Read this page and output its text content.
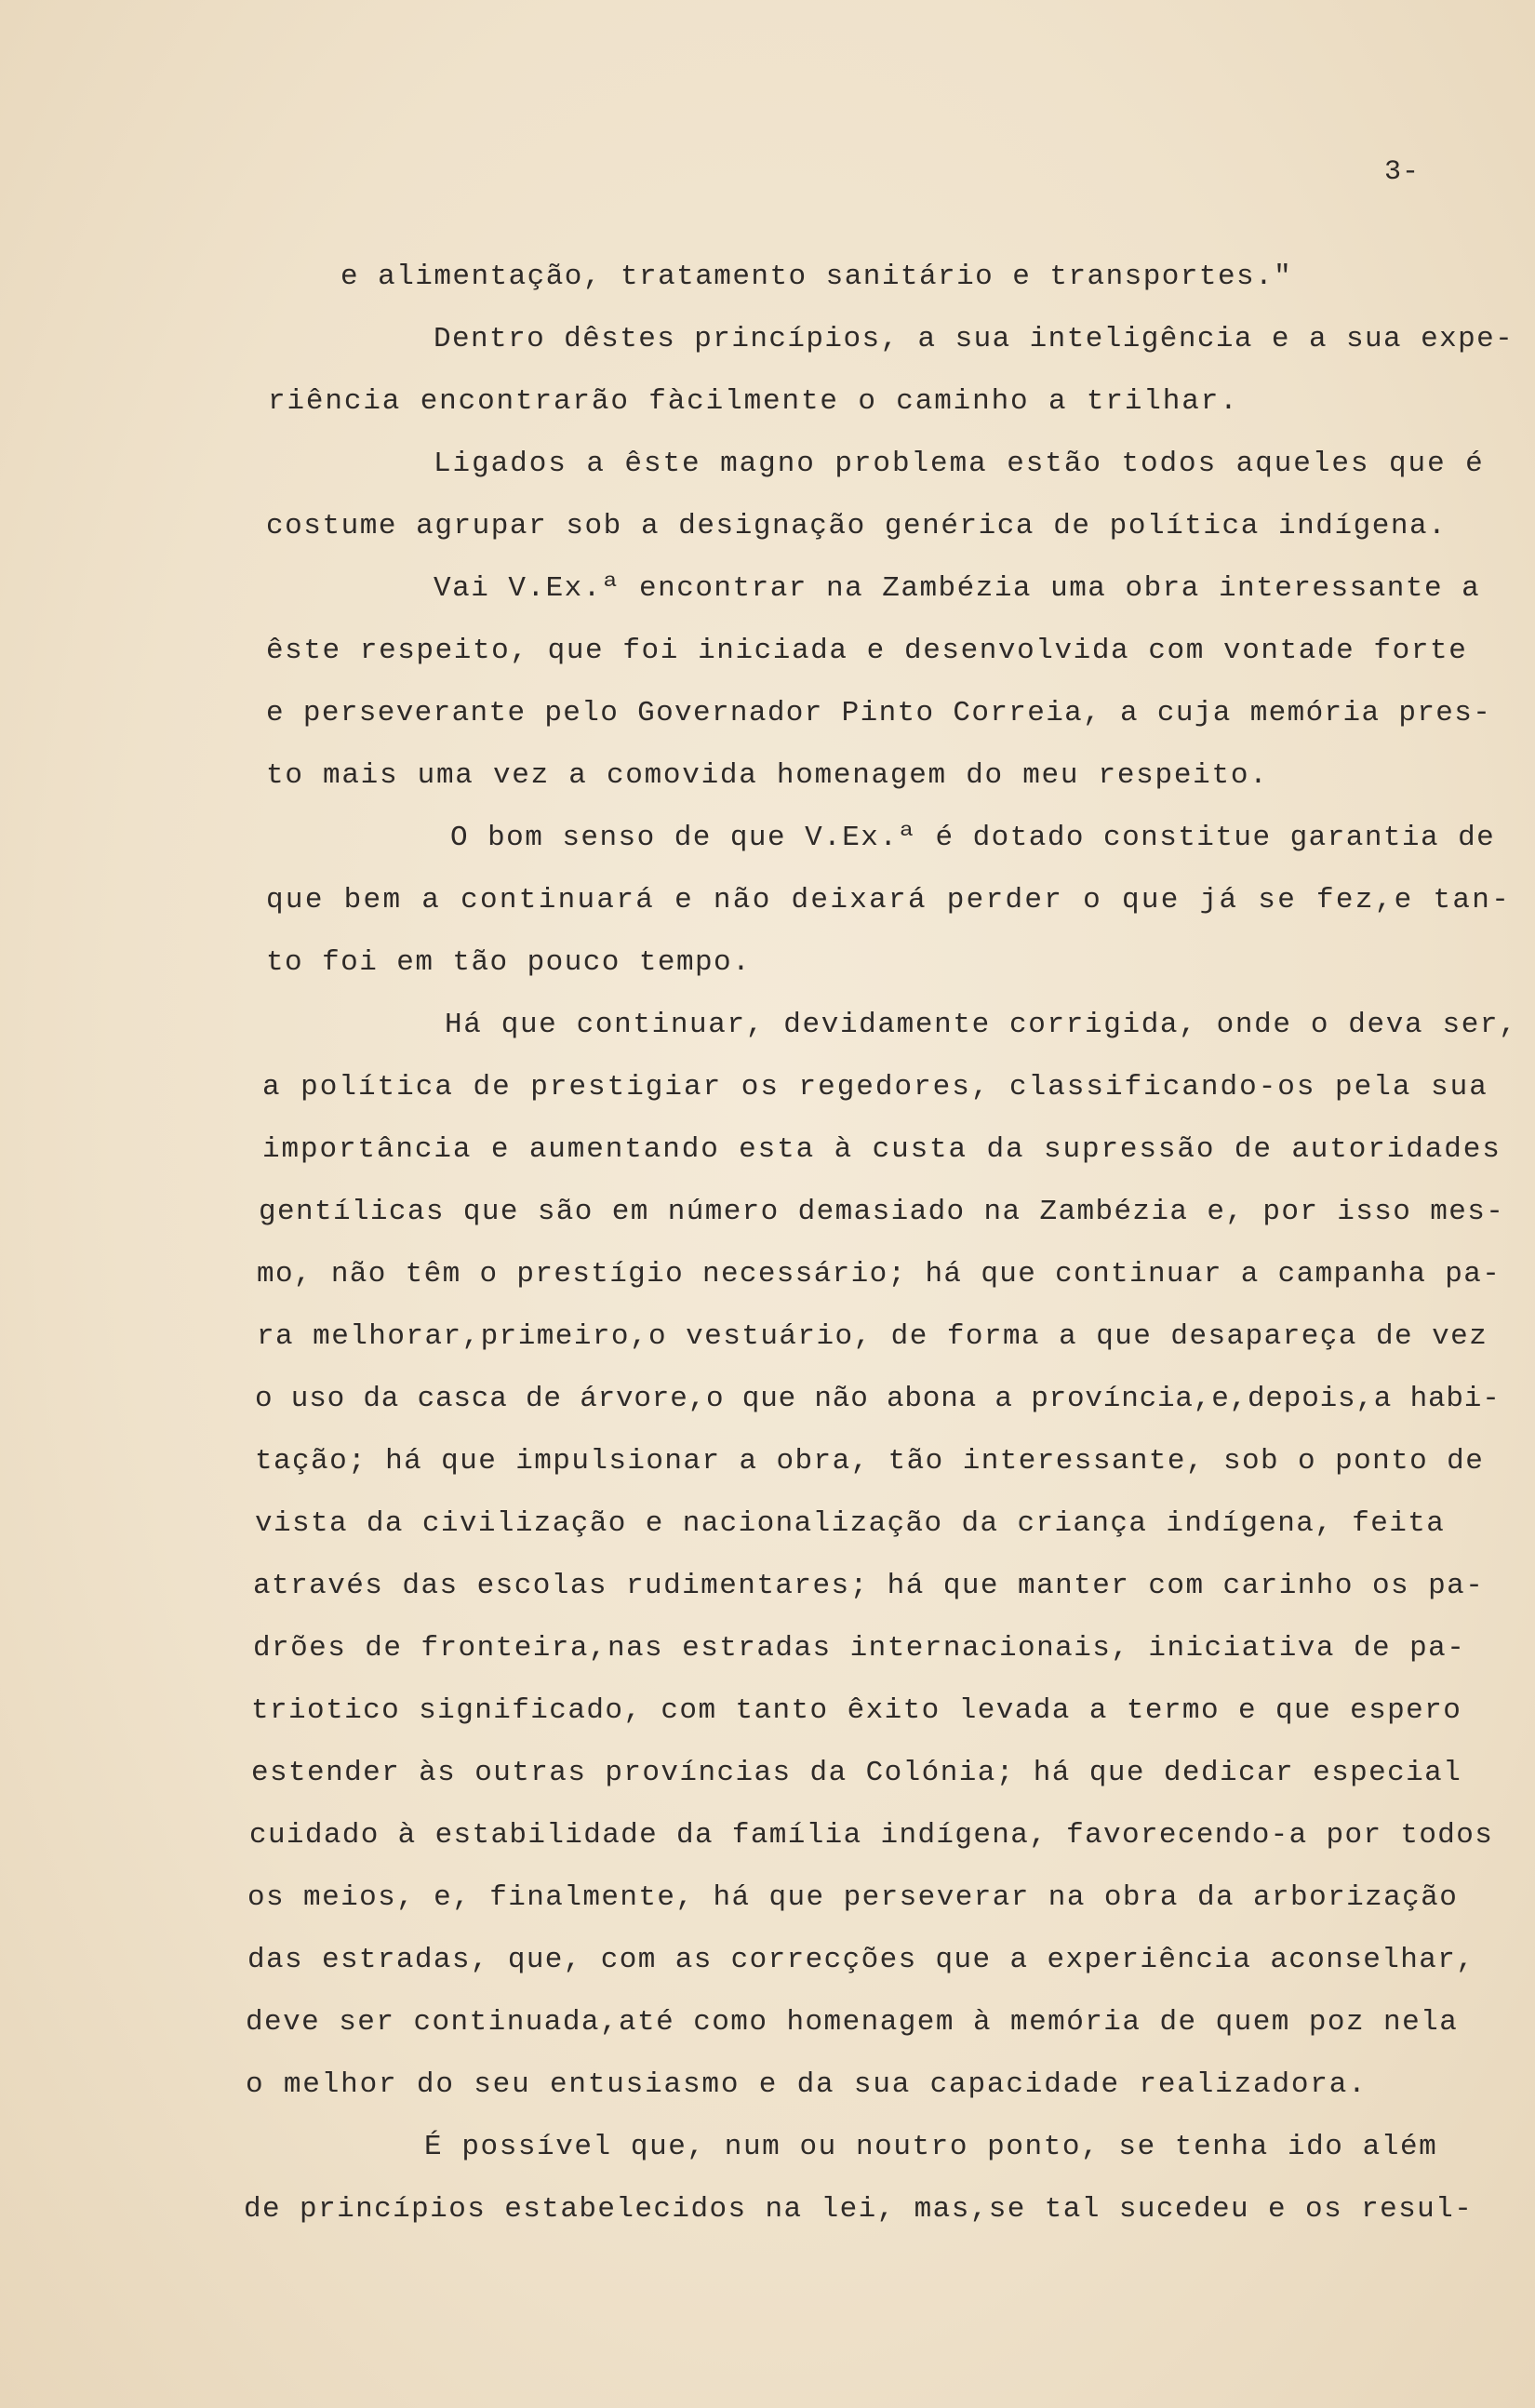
3-

e alimentação, tratamento sanitário e transportes."

Dentro dêstes princípios, a sua inteligência e a sua expe-

riência encontrarão fàcilmente o caminho a trilhar.

Ligados a êste magno problema estão todos aqueles que é

costume agrupar sob a designação genérica de política indígena.

Vai V.Ex.ª encontrar na Zambézia uma obra interessante a

êste respeito, que foi iniciada e desenvolvida com vontade forte

e perseverante pelo Governador Pinto Correia, a cuja memória pres-

to mais uma vez a comovida homenagem do meu respeito.

O bom senso de que V.Ex.ª é dotado constitue garantia de

que bem a continuará e não deixará perder o que já se fez,e tan-

to foi em tão pouco tempo.

Há que continuar, devidamente corrigida, onde o deva ser,

a política de prestigiar os regedores, classificando-os pela sua

importância e aumentando esta à custa da supressão de autoridades

gentílicas que são em número demasiado na Zambézia e, por isso mes-

mo, não têm o prestígio necessário; há que continuar a campanha pa-

ra melhorar,primeiro,o vestuário, de forma a que desapareça de vez

o uso da casca de árvore,o que não abona a província,e,depois,a habi-

tação; há que impulsionar a obra, tão interessante, sob o ponto de

vista da civilização e nacionalização da criança indígena, feita

através das escolas rudimentares; há que manter com carinho os pa-

drões de fronteira,nas estradas internacionais, iniciativa de pa-

triotico significado, com tanto êxito levada a termo e que espero

estender às outras províncias da Colónia; há que dedicar especial

cuidado à estabilidade da família indígena, favorecendo-a por todos

os meios, e, finalmente, há que perseverar na obra da arborização

das estradas, que, com as correcções que a experiência aconselhar,

deve ser continuada,até como homenagem à memória de quem poz nela

o melhor do seu entusiasmo e da sua capacidade realizadora.

É possível que, num ou noutro ponto, se tenha ido além

de princípios estabelecidos na lei, mas,se tal sucedeu e os resul-
